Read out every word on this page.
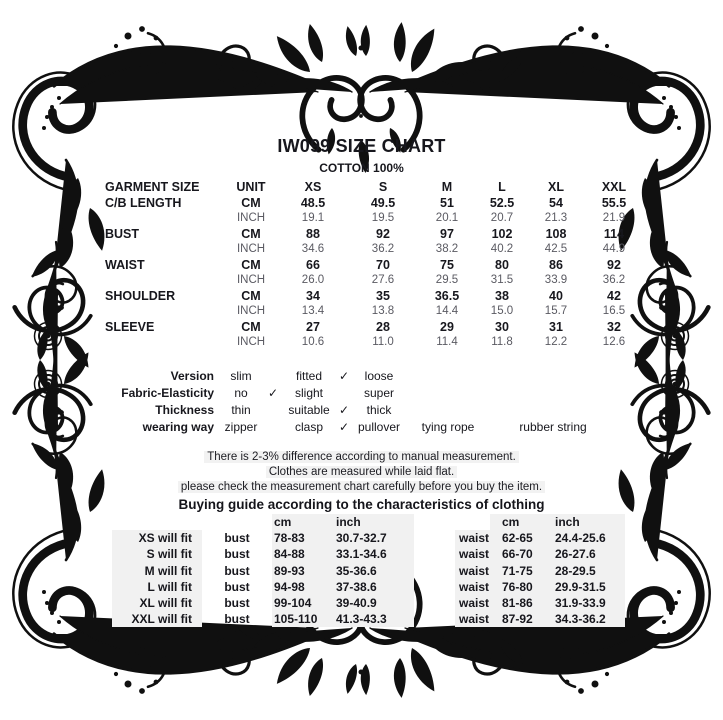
IW099 SIZE CHART
COTTON 100%
GARMENT SIZE	UNIT	XS	S	M	L	XL	XXL
C/B LENGTH	CM	48.5	49.5	51	52.5	54	55.5
INCH	19.1	19.5	20.1	20.7	21.3	21.9
BUST	CM	88	92	97	102	108	114
INCH	34.6	36.2	38.2	40.2	42.5	44.9
WAIST	CM	66	70	75	80	86	92
INCH	26.0	27.6	29.5	31.5	33.9	36.2
SHOULDER	CM	34	35	36.5	38	40	42
INCH	13.4	13.8	14.4	15.0	15.7	16.5
SLEEVE	CM	27	28	29	30	31	32
INCH	10.6	11.0	11.4	11.8	12.2	12.6
Version	slim	fitted	✓	loose
Fabric-Elasticity	no	✓	slight	super
Thickness	thin	suitable ✓	thick
wearing way zipper	clasp	✓ pullover	tying rope	rubber string
There is 2-3% difference according to manual measurement.
Clothes are measured while laid flat.
please check the measurement chart carefully before you buy the item.
Buying guide according to the characteristics of clothing
cm	inch
XS will fit	bust	78-83	30.7-32.7
S will fit	bust	84-88	33.1-34.6
M will fit	bust	89-93	35-36.6
L will fit	bust	94-98	37-38.6
XL will fit	bust	99-104	39-40.9
XXL will fit	bust	105-110	41.3-43.3
cm	inch
waist	62-65	24.4-25.6
waist	66-70	26-27.6
waist	71-75	28-29.5
waist	76-80	29.9-31.5
waist	81-86	31.9-33.9
waist	87-92	34.3-36.2
